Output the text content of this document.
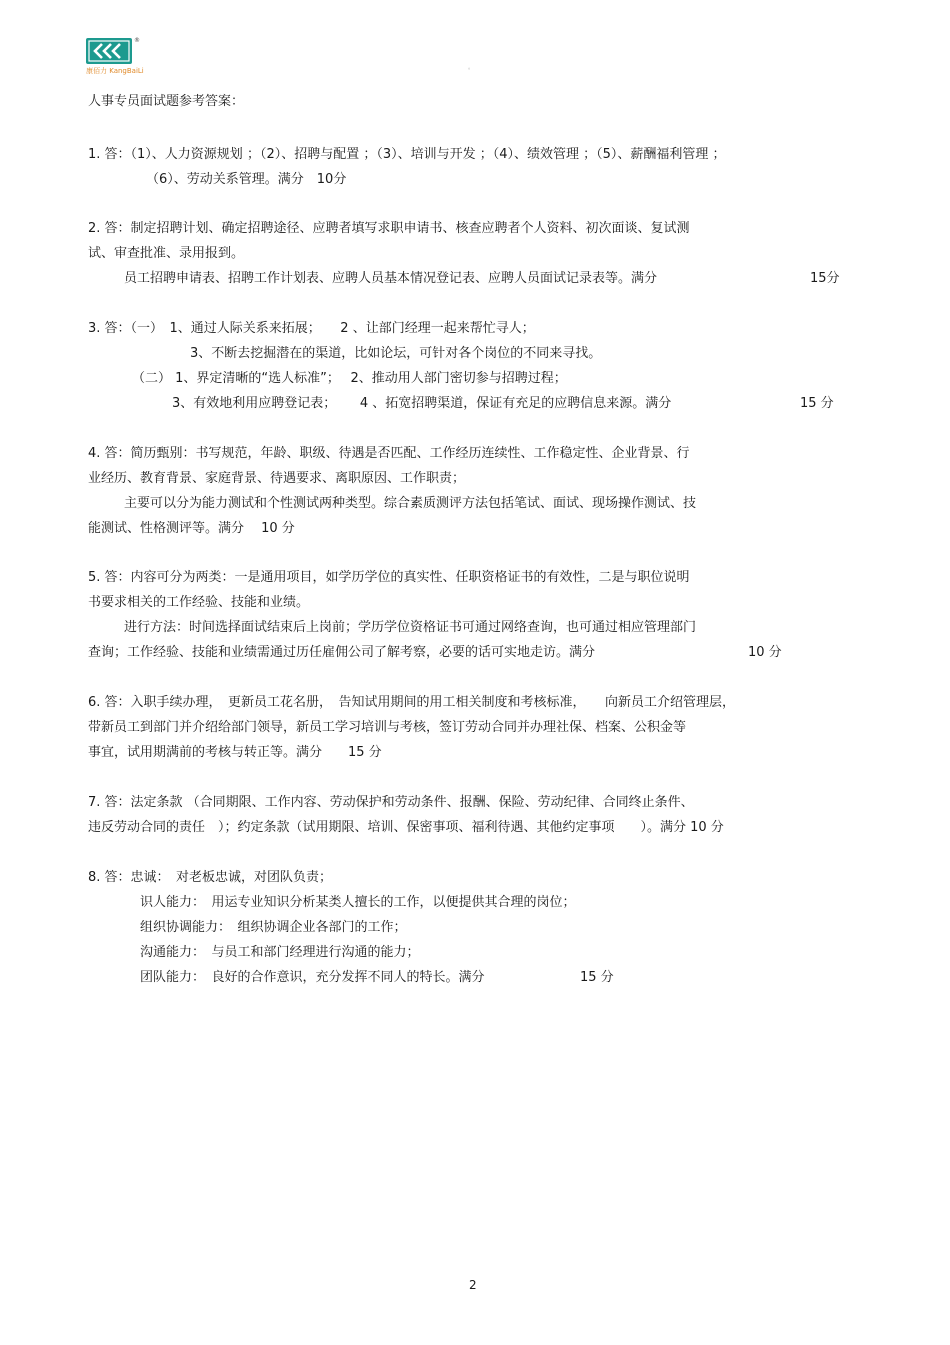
®
康佰力 KangBaiLi	。
人事专员面试题参考答案：
1. 答：（1）、人力资源规划 ；（2）、招聘与配置 ；（3）、培训与开发 ；（4）、绩效管理 ；（5）、薪酬福利管理 ；
（6）、劳动关系管理。满分　10分
2. 答：制定招聘计划、确定招聘途径、应聘者填写求职申请书、核查应聘者个人资料、初次面谈、复试测
试、审查批准、录用报到。
员工招聘申请表、招聘工作计划表、应聘人员基本情况登记表、应聘人员面试记录表等。满分	15分
3. 答：（一）　1、通过人际关系来拓展；　　2 、让部门经理一起来帮忙寻人；
3、不断去挖掘潜在的渠道，比如论坛，可针对各个岗位的不同来寻找。
（二） 1、界定清晰的“选人标准”；　 2、推动用人部门密切参与招聘过程；
3、有效地利用应聘登记表；　　 4 、拓宽招聘渠道，保证有充足的应聘信息来源。满分	15 分
4. 答：简历甄别：书写规范，年龄、职级、待遇是否匹配、工作经历连续性、工作稳定性、企业背景、行
业经历、教育背景、家庭背景、待遇要求、离职原因、工作职责；
主要可以分为能力测试和个性测试两种类型。综合素质测评方法包括笔试、面试、现场操作测试、技
能测试、性格测评等。满分　 10 分
5. 答：内容可分为两类：一是通用项目，如学历学位的真实性、任职资格证书的有效性，二是与职位说明
书要求相关的工作经验、技能和业绩。
进行方法：时间选择面试结束后上岗前；学历学位资格证书可通过网络查询，也可通过相应管理部门
查询；工作经验、技能和业绩需通过历任雇佣公司了解考察，必要的话可实地走访。满分	10 分
6. 答：入职手续办理，　更新员工花名册，　告知试用期间的用工相关制度和考核标准，　　向新员工介绍管理层，
带新员工到部门并介绍给部门领导，新员工学习培训与考核，签订劳动合同并办理社保、档案、公积金等
事宜，试用期满前的考核与转正等。满分　　15 分
7. 答：法定条款 （合同期限、工作内容、劳动保护和劳动条件、报酬、保险、劳动纪律、合同终止条件、
违反劳动合同的责任　）；约定条款（试用期限、培训、保密事项、福利待遇、其他约定事项　　）。满分 10 分
8. 答：忠诚：　对老板忠诚，对团队负责；
识人能力：　用运专业知识分析某类人擅长的工作，以便提供其合理的岗位；
组织协调能力：　组织协调企业各部门的工作；
沟通能力：　与员工和部门经理进行沟通的能力；
团队能力：　良好的合作意识，充分发挥不同人的特长。满分	15 分
2
